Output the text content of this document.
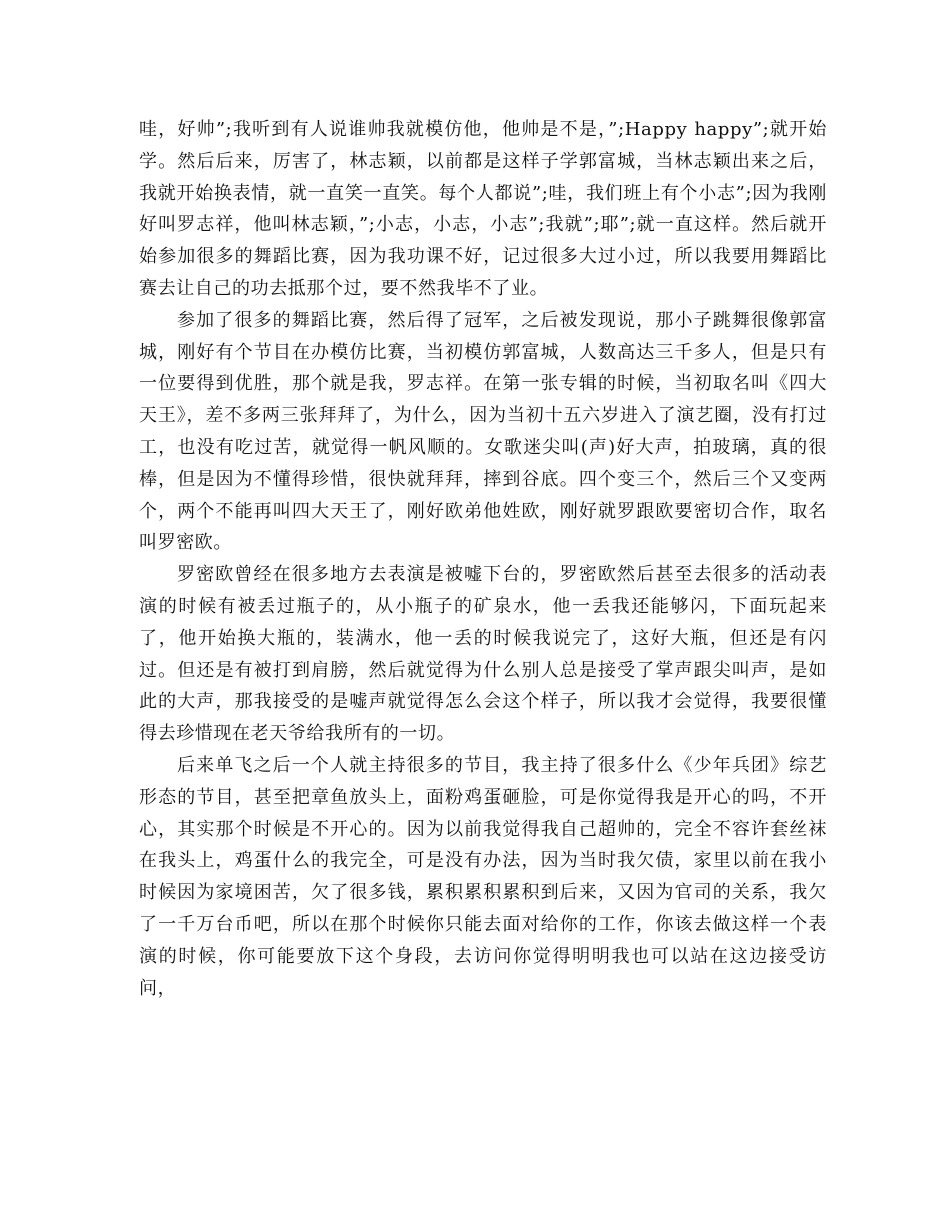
哇，好帅”;我听到有人说谁帅我就模仿他，他帅是不是，”;Happy happy”;就开始学。然后后来，厉害了，林志颖，以前都是这样子学郭富城，当林志颖出来之后，我就开始换表情，就一直笑一直笑。每个人都说”;哇，我们班上有个小志”;因为我刚好叫罗志祥，他叫林志颖，”;小志，小志，小志”;我就”;耶”;就一直这样。然后就开始参加很多的舞蹈比赛，因为我功课不好，记过很多大过小过，所以我要用舞蹈比赛去让自己的功去抵那个过，要不然我毕不了业。

参加了很多的舞蹈比赛，然后得了冠军，之后被发现说，那小子跳舞很像郭富城，刚好有个节目在办模仿比赛，当初模仿郭富城，人数高达三千多人，但是只有一位要得到优胜，那个就是我，罗志祥。在第一张专辑的时候，当初取名叫《四大天王》，差不多两三张拜拜了，为什么，因为当初十五六岁进入了演艺圈，没有打过工，也没有吃过苦，就觉得一帆风顺的。女歌迷尖叫(声)好大声，拍玻璃，真的很棒，但是因为不懂得珍惜，很快就拜拜，摔到谷底。四个变三个，然后三个又变两个，两个不能再叫四大天王了，刚好欧弟他姓欧，刚好就罗跟欧要密切合作，取名叫罗密欧。

罗密欧曾经在很多地方去表演是被嘘下台的，罗密欧然后甚至去很多的活动表演的时候有被丢过瓶子的，从小瓶子的矿泉水，他一丢我还能够闪，下面玩起来了，他开始换大瓶的，装满水，他一丢的时候我说完了，这好大瓶，但还是有闪过。但还是有被打到肩膀，然后就觉得为什么别人总是接受了掌声跟尖叫声，是如此的大声，那我接受的是嘘声就觉得怎么会这个样子，所以我才会觉得，我要很懂得去珍惜现在老天爷给我所有的一切。

后来单飞之后一个人就主持很多的节目，我主持了很多什么《少年兵团》综艺形态的节目，甚至把章鱼放头上，面粉鸡蛋砸脸，可是你觉得我是开心的吗，不开心，其实那个时候是不开心的。因为以前我觉得我自己超帅的，完全不容许套丝袜在我头上，鸡蛋什么的我完全，可是没有办法，因为当时我欠债，家里以前在我小时候因为家境困苦，欠了很多钱，累积累积累积到后来，又因为官司的关系，我欠了一千万台币吧，所以在那个时候你只能去面对给你的工作，你该去做这样一个表演的时候，你可能要放下这个身段，去访问你觉得明明我也可以站在这边接受访问，
